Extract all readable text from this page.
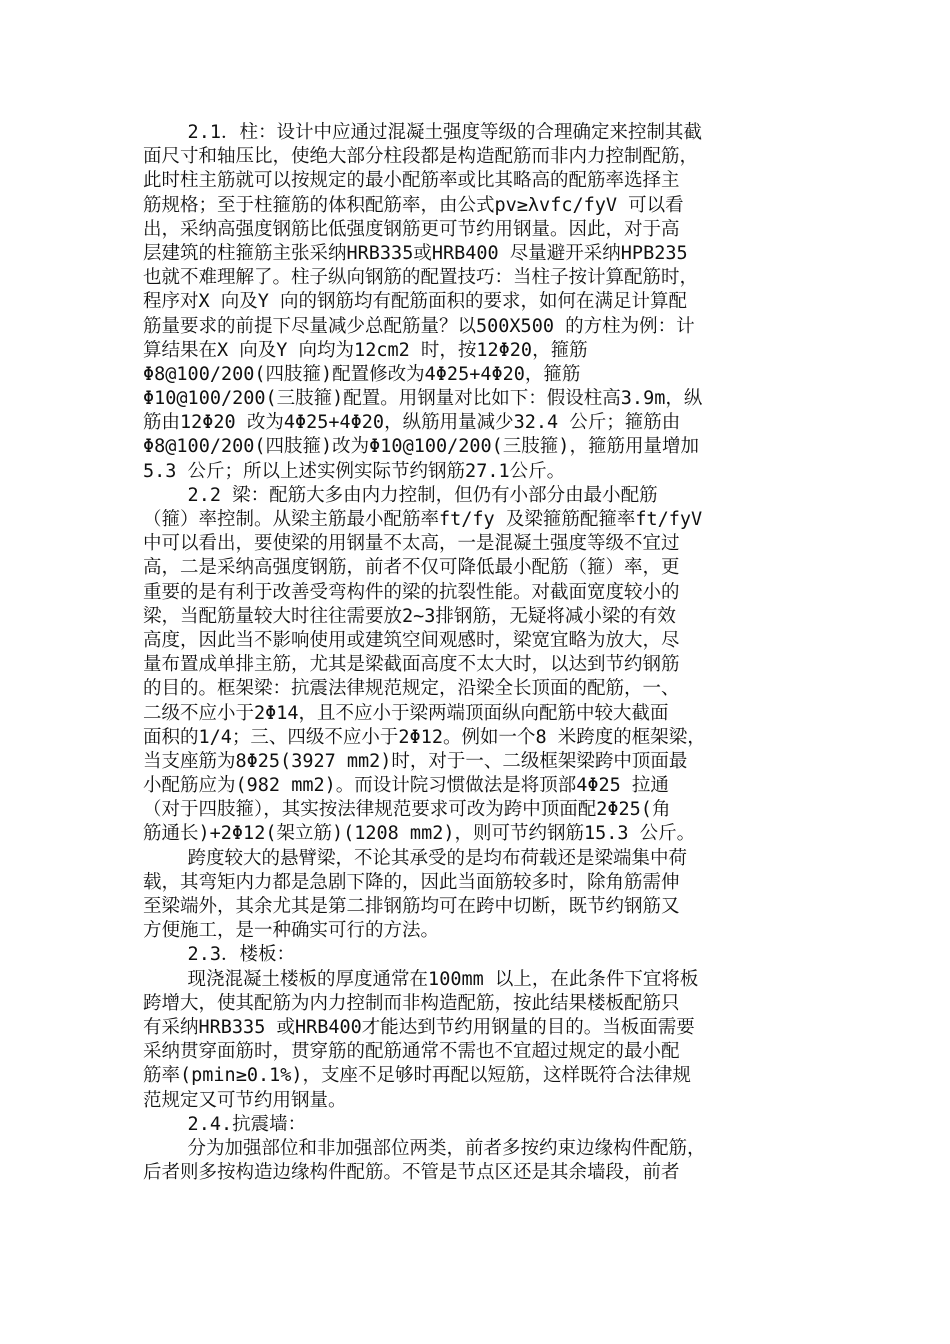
2.1．柱：设计中应通过混凝土强度等级的合理确定来控制其截
面尺寸和轴压比，使绝大部分柱段都是构造配筋而非内力控制配筋，
此时柱主筋就可以按规定的最小配筋率或比其略高的配筋率选择主
筋规格；至于柱箍筋的体积配筋率，由公式pv≥λvfc/fyV 可以看
出，采纳高强度钢筋比低强度钢筋更可节约用钢量。因此，对于高
层建筑的柱箍筋主张采纳HRB335或HRB400 尽量避开采纳HPB235
也就不难理解了。柱子纵向钢筋的配置技巧：当柱子按计算配筋时，
程序对X 向及Y 向的钢筋均有配筋面积的要求，如何在满足计算配
筋量要求的前提下尽量减少总配筋量？以500X500 的方柱为例：计
算结果在X 向及Y 向均为12cm2 时，按12Φ20，箍筋
Φ8@100/200(四肢箍)配置修改为4Φ25+4Φ20，箍筋
Φ10@100/200(三肢箍)配置。用钢量对比如下：假设柱高3.9m，纵
筋由12Φ20 改为4Φ25+4Φ20，纵筋用量减少32.4 公斤；箍筋由
Φ8@100/200(四肢箍)改为Φ10@100/200(三肢箍)，箍筋用量增加
5.3 公斤；所以上述实例实际节约钢筋27.1公斤。
2.2 梁：配筋大多由内力控制，但仍有小部分由最小配筋
（箍）率控制。从梁主筋最小配筋率ft/fy 及梁箍筋配箍率ft/fyV
中可以看出，要使梁的用钢量不太高，一是混凝土强度等级不宜过
高，二是采纳高强度钢筋，前者不仅可降低最小配筋（箍）率，更
重要的是有利于改善受弯构件的梁的抗裂性能。对截面宽度较小的
梁，当配筋量较大时往往需要放2~3排钢筋，无疑将减小梁的有效
高度，因此当不影响使用或建筑空间观感时，梁宽宜略为放大，尽
量布置成单排主筋，尤其是梁截面高度不太大时，以达到节约钢筋
的目的。框架梁：抗震法律规范规定，沿梁全长顶面的配筋，一、
二级不应小于2Φ14，且不应小于梁两端顶面纵向配筋中较大截面
面积的1/4；三、四级不应小于2Φ12。例如一个8 米跨度的框架梁，
当支座筋为8Φ25(3927 mm2)时，对于一、二级框架梁跨中顶面最
小配筋应为(982 mm2)。而设计院习惯做法是将顶部4Φ25 拉通
（对于四肢箍），其实按法律规范要求可改为跨中顶面配2Φ25(角
筋通长)+2Φ12(架立筋)(1208 mm2)，则可节约钢筋15.3 公斤。
跨度较大的悬臂梁，不论其承受的是均布荷载还是梁端集中荷
载，其弯矩内力都是急剧下降的，因此当面筋较多时，除角筋需伸
至梁端外，其余尤其是第二排钢筋均可在跨中切断，既节约钢筋又
方便施工，是一种确实可行的方法。
2.3．楼板：
现浇混凝土楼板的厚度通常在100mm 以上，在此条件下宜将板
跨增大，使其配筋为内力控制而非构造配筋，按此结果楼板配筋只
有采纳HRB335 或HRB400才能达到节约用钢量的目的。当板面需要
采纳贯穿面筋时，贯穿筋的配筋通常不需也不宜超过规定的最小配
筋率(pmin≥0.1%)，支座不足够时再配以短筋，这样既符合法律规
范规定又可节约用钢量。
2.4.抗震墙：
分为加强部位和非加强部位两类，前者多按约束边缘构件配筋，
后者则多按构造边缘构件配筋。不管是节点区还是其余墙段，前者
